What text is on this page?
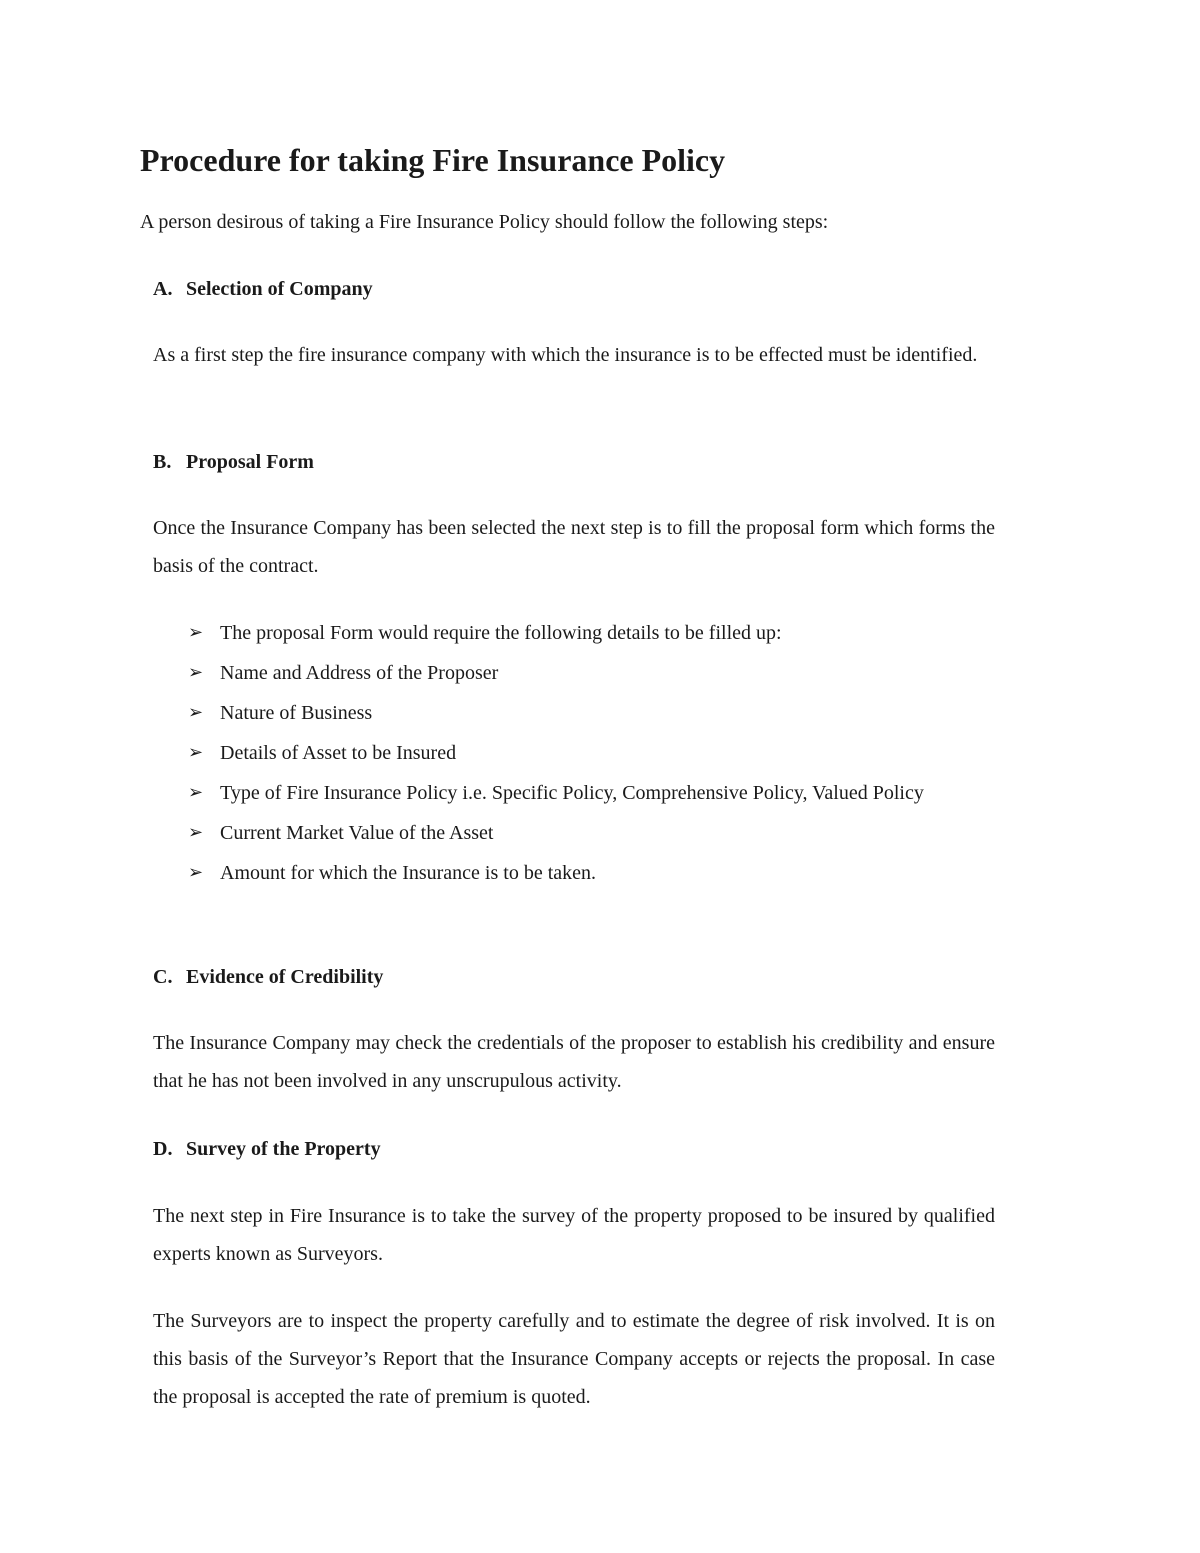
Procedure for taking Fire Insurance Policy

A person desirous of taking a Fire Insurance Policy should follow the following steps:

A. Selection of Company

As a first step the fire insurance company with which the insurance is to be effected must be identified.

B. Proposal Form

Once the Insurance Company has been selected the next step is to fill the proposal form which forms the basis of the contract.

➢ The proposal Form would require the following details to be filled up:
➢ Name and Address of the Proposer
➢ Nature of Business
➢ Details of Asset to be Insured
➢ Type of Fire Insurance Policy i.e. Specific Policy, Comprehensive Policy, Valued Policy
➢ Current Market Value of the Asset
➢ Amount for which the Insurance is to be taken.
C. Evidence of Credibility

The Insurance Company may check the credentials of the proposer to establish his credibility and ensure that he has not been involved in any unscrupulous activity.

D. Survey of the Property

The next step in Fire Insurance is to take the survey of the property proposed to be insured by qualified experts known as Surveyors.

The Surveyors are to inspect the property carefully and to estimate the degree of risk involved. It is on this basis of the Surveyor’s Report that the Insurance Company accepts or rejects the proposal. In case the proposal is accepted the rate of premium is quoted.
